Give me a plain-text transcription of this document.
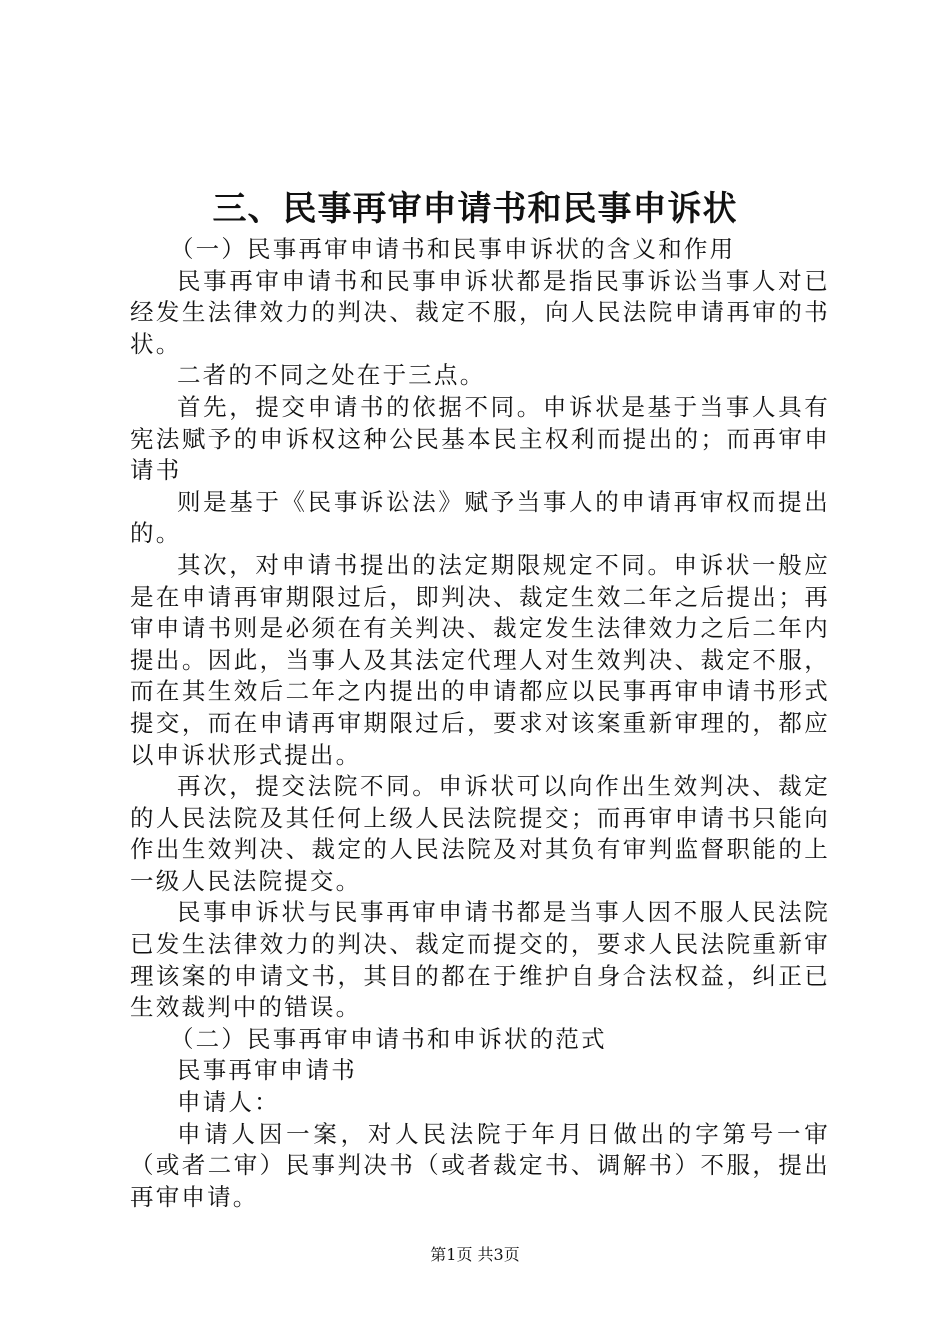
三、民事再审申请书和民事申诉状

（一）民事再审申请书和民事申诉状的含义和作用

民事再审申请书和民事申诉状都是指民事诉讼当事人对已经发生法律效力的判决、裁定不服，向人民法院申请再审的书状。

二者的不同之处在于三点。

首先，提交申请书的依据不同。申诉状是基于当事人具有宪法赋予的申诉权这种公民基本民主权利而提出的；而再审申请书

则是基于《民事诉讼法》赋予当事人的申请再审权而提出的。

其次，对申请书提出的法定期限规定不同。申诉状一般应是在申请再审期限过后，即判决、裁定生效二年之后提出；再审申请书则是必须在有关判决、裁定发生法律效力之后二年内提出。因此，当事人及其法定代理人对生效判决、裁定不服，而在其生效后二年之内提出的申请都应以民事再审申请书形式提交，而在申请再审期限过后，要求对该案重新审理的，都应以申诉状形式提出。

再次，提交法院不同。申诉状可以向作出生效判决、裁定的人民法院及其任何上级人民法院提交；而再审申请书只能向作出生效判决、裁定的人民法院及对其负有审判监督职能的上一级人民法院提交。

民事申诉状与民事再审申请书都是当事人因不服人民法院已发生法律效力的判决、裁定而提交的，要求人民法院重新审理该案的申请文书，其目的都在于维护自身合法权益，纠正已生效裁判中的错误。

（二）民事再审申请书和申诉状的范式

民事再审申请书

申请人：

申请人因一案，对人民法院于年月日做出的字第号一审（或者二审）民事判决书（或者裁定书、调解书）不服，提出再审申请。

第1页 共3页
